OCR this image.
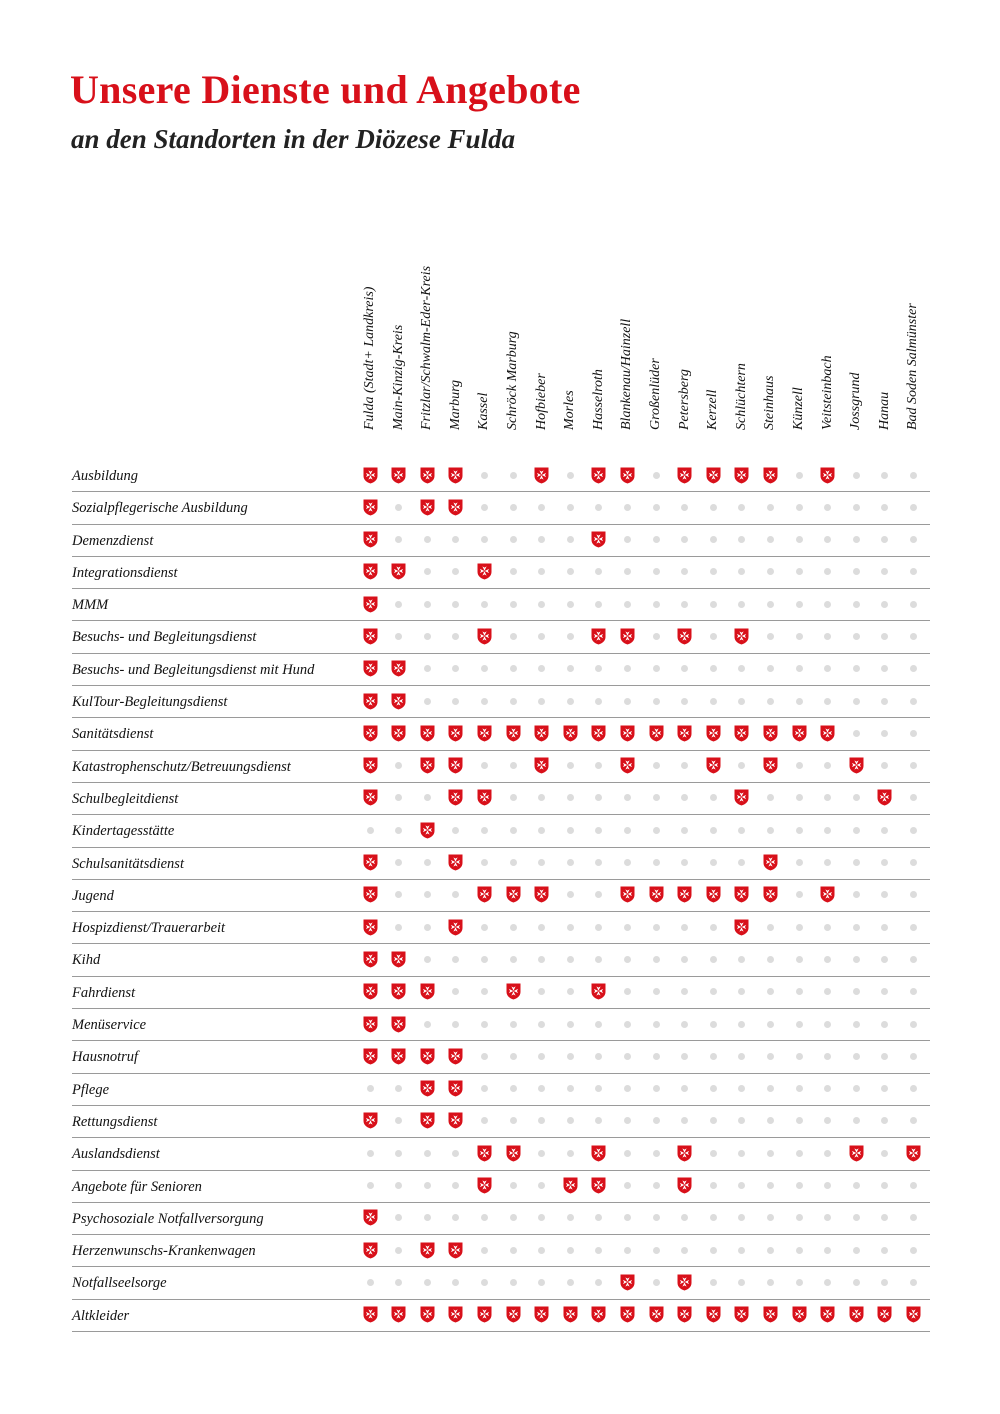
Unsere Dienste und Angebote
an den Standorten in der Diözese Fulda
Fulda (Stadt+ Landkreis) Main-Kinzig-Kreis Fritzlar/Schwalm-Eder-Kreis Marburg Kassel Schröck Marburg Hofbieber Morles Hasselroth Blankenau/Hainzell Großenlüder Petersberg Kerzell Schlüchtern Steinhaus Künzell Veitsteinbach Jossgrund Hanau Bad Soden Salmünster
Ausbildung
Sozialpflegerische Ausbildung
Demenzdienst
Integrationsdienst
MMM
Besuchs- und Begleitungsdienst
Besuchs- und Begleitungsdienst mit Hund
KulTour-Begleitungsdienst
Sanitätsdienst
Katastrophenschutz/Betreuungsdienst
Schulbegleitdienst
Kindertagesstätte
Schulsanitätsdienst
Jugend
Hospizdienst/Trauerarbeit
Kihd
Fahrdienst
Menüservice
Hausnotruf
Pflege
Rettungsdienst
Auslandsdienst
Angebote für Senioren
Psychosoziale Notfallversorgung
Herzenwunschs-Krankenwagen
Notfallseelsorge
Altkleider
